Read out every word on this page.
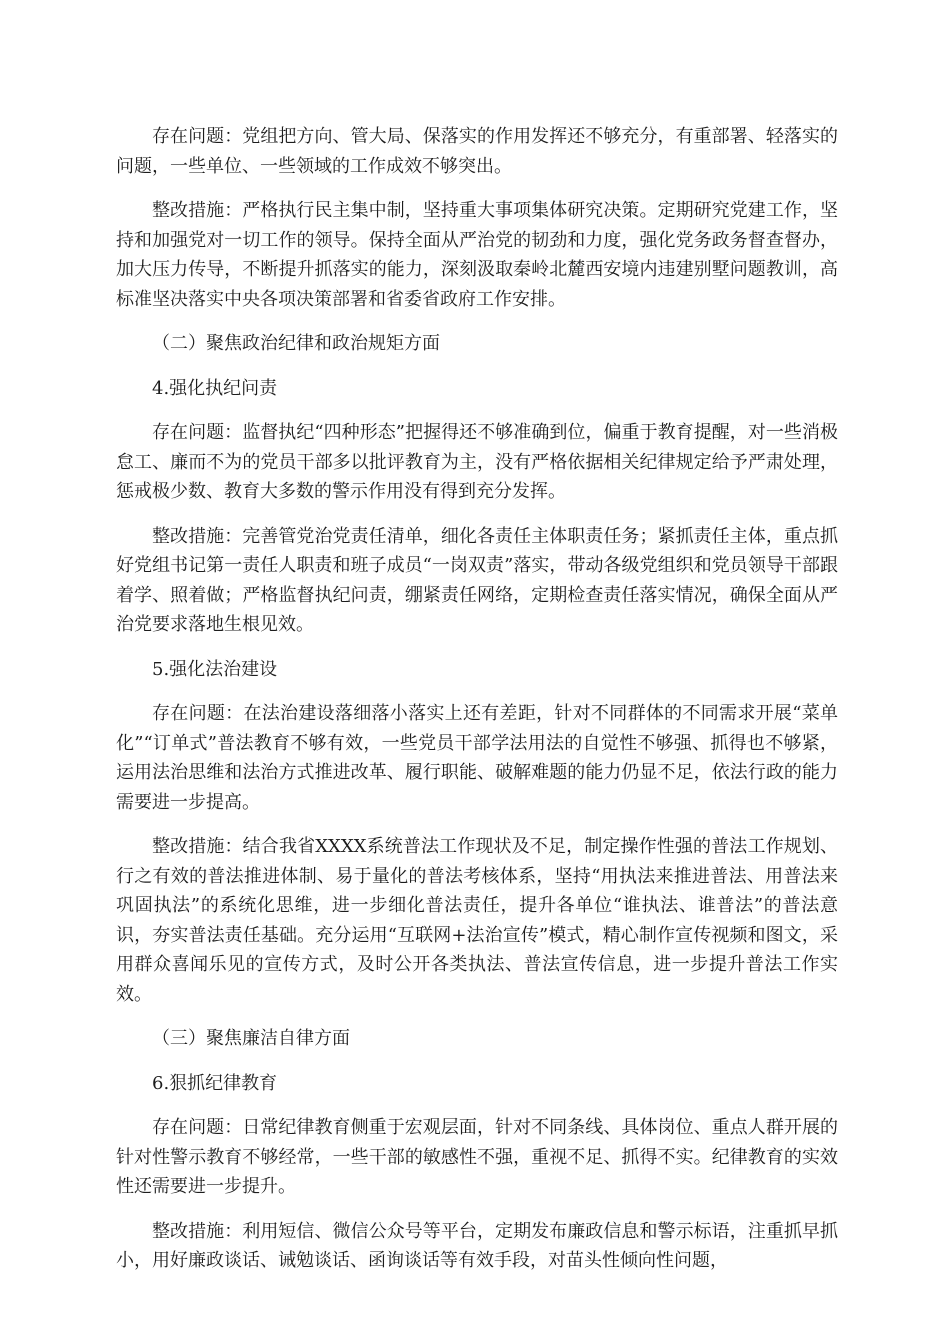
存在问题：党组把方向、管大局、保落实的作用发挥还不够充分，有重部署、轻落实的问题，一些单位、一些领域的工作成效不够突出。

整改措施：严格执行民主集中制，坚持重大事项集体研究决策。定期研究党建工作，坚持和加强党对一切工作的领导。保持全面从严治党的韧劲和力度，强化党务政务督查督办，加大压力传导，不断提升抓落实的能力，深刻汲取秦岭北麓西安境内违建别墅问题教训，高标准坚决落实中央各项决策部署和省委省政府工作安排。

（二）聚焦政治纪律和政治规矩方面

4.强化执纪问责

存在问题：监督执纪“四种形态”把握得还不够准确到位，偏重于教育提醒，对一些消极怠工、廉而不为的党员干部多以批评教育为主，没有严格依据相关纪律规定给予严肃处理，惩戒极少数、教育大多数的警示作用没有得到充分发挥。

整改措施：完善管党治党责任清单，细化各责任主体职责任务；紧抓责任主体，重点抓好党组书记第一责任人职责和班子成员“一岗双责”落实，带动各级党组织和党员领导干部跟着学、照着做；严格监督执纪问责，绷紧责任网络，定期检查责任落实情况，确保全面从严治党要求落地生根见效。

5.强化法治建设

存在问题：在法治建设落细落小落实上还有差距，针对不同群体的不同需求开展“菜单化”“订单式”普法教育不够有效，一些党员干部学法用法的自觉性不够强、抓得也不够紧，运用法治思维和法治方式推进改革、履行职能、破解难题的能力仍显不足，依法行政的能力需要进一步提高。

整改措施：结合我省XXXX系统普法工作现状及不足，制定操作性强的普法工作规划、行之有效的普法推进体制、易于量化的普法考核体系，坚持“用执法来推进普法、用普法来巩固执法”的系统化思维，进一步细化普法责任，提升各单位“谁执法、谁普法”的普法意识，夯实普法责任基础。充分运用“互联网+法治宣传”模式，精心制作宣传视频和图文，采用群众喜闻乐见的宣传方式，及时公开各类执法、普法宣传信息，进一步提升普法工作实效。

（三）聚焦廉洁自律方面

6.狠抓纪律教育

存在问题：日常纪律教育侧重于宏观层面，针对不同条线、具体岗位、重点人群开展的针对性警示教育不够经常，一些干部的敏感性不强，重视不足、抓得不实。纪律教育的实效性还需要进一步提升。

整改措施：利用短信、微信公众号等平台，定期发布廉政信息和警示标语，注重抓早抓小，用好廉政谈话、诫勉谈话、函询谈话等有效手段，对苗头性倾向性问题，
